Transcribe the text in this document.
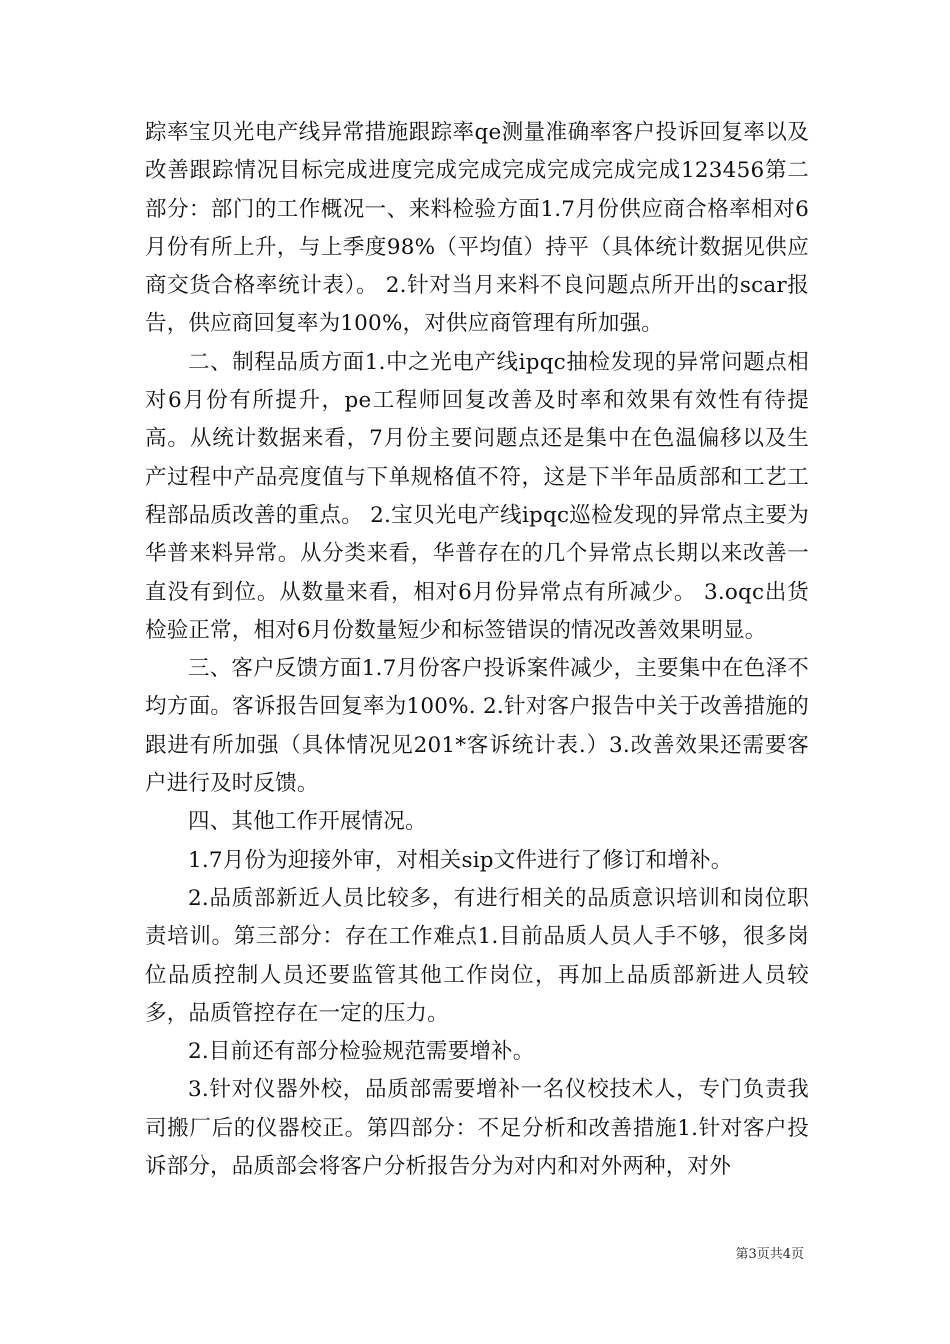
踪率宝贝光电产线异常措施跟踪率qe测量准确率客户投诉回复率以及改善跟踪情况目标完成进度完成完成完成完成完成完成123456第二部分：部门的工作概况一、来料检验方面1.7月份供应商合格率相对6月份有所上升，与上季度98%（平均值）持平（具体统计数据见供应商交货合格率统计表）。 2.针对当月来料不良问题点所开出的scar报告，供应商回复率为100%，对供应商管理有所加强。

二、制程品质方面1.中之光电产线ipqc抽检发现的异常问题点相对6月份有所提升，pe工程师回复改善及时率和效果有效性有待提高。从统计数据来看，7月份主要问题点还是集中在色温偏移以及生产过程中产品亮度值与下单规格值不符，这是下半年品质部和工艺工程部品质改善的重点。 2.宝贝光电产线ipqc巡检发现的异常点主要为华普来料异常。从分类来看，华普存在的几个异常点长期以来改善一直没有到位。从数量来看，相对6月份异常点有所减少。 3.oqc出货检验正常，相对6月份数量短少和标签错误的情况改善效果明显。

三、客户反馈方面1.7月份客户投诉案件减少，主要集中在色泽不均方面。客诉报告回复率为100%. 2.针对客户报告中关于改善措施的跟进有所加强（具体情况见201*客诉统计表.）3.改善效果还需要客户进行及时反馈。

四、其他工作开展情况。

1.7月份为迎接外审，对相关sip文件进行了修订和增补。

2.品质部新近人员比较多，有进行相关的品质意识培训和岗位职责培训。第三部分：存在工作难点1.目前品质人员人手不够，很多岗位品质控制人员还要监管其他工作岗位，再加上品质部新进人员较多，品质管控存在一定的压力。

2.目前还有部分检验规范需要增补。

3.针对仪器外校，品质部需要增补一名仪校技术人，专门负责我司搬厂后的仪器校正。第四部分：不足分析和改善措施1.针对客户投诉部分，品质部会将客户分析报告分为对内和对外两种，对外

第3页共4页
